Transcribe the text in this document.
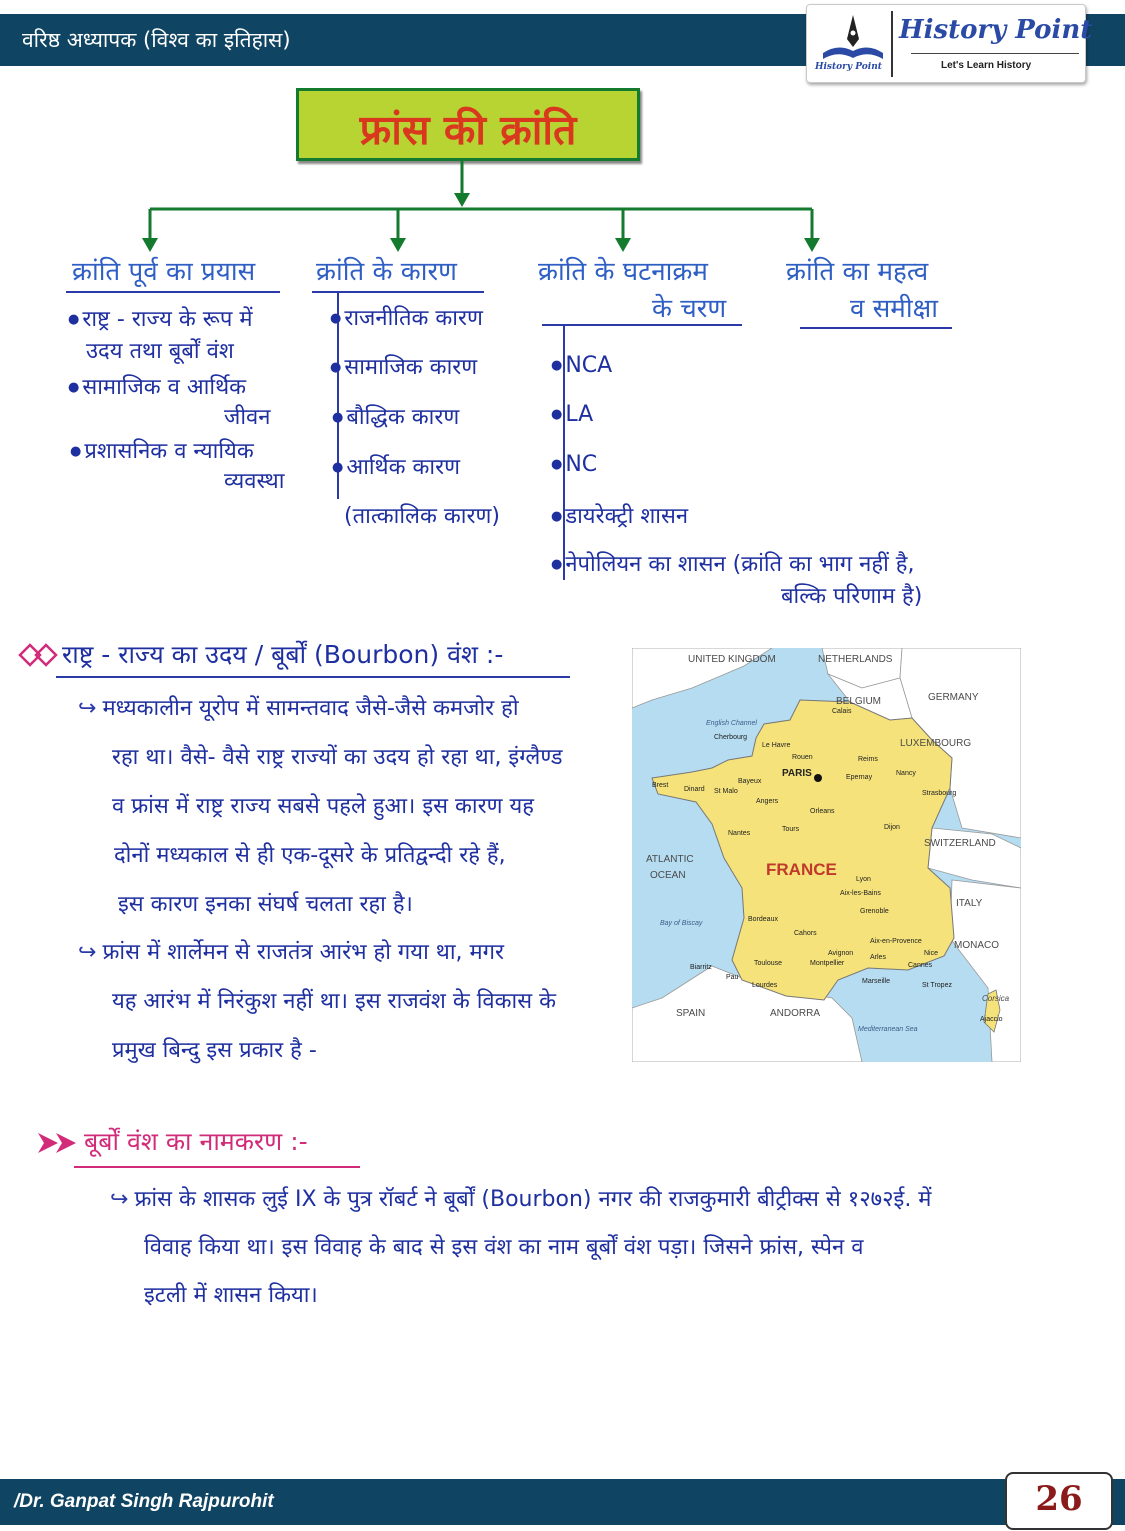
वरिष्ठ अध्यापक (विश्व का इतिहास)	History Point
Let's Learn History
History Point
फ्रांस की क्रांति
क्रांति पूर्व का प्रयास
● राष्ट्र - राज्य के रूप में
उदय तथा बूर्बों वंश
● सामाजिक व आर्थिक
जीवन
● प्रशासनिक व न्यायिक
व्यवस्था
क्रांति के कारण
● राजनीतिक कारण
● सामाजिक कारण
● बौद्धिक कारण
● आर्थिक कारण
(तात्कालिक कारण)
क्रांति के घटनाक्रम
के चरण
● NCA
● LA
● NC
● डायरेक्ट्री शासन
● नेपोलियन का शासन (क्रांति का भाग नहीं है,
बल्कि परिणाम है)
क्रांति का महत्व
व समीक्षा
राष्ट्र - राज्य का उदय / बूर्बों (Bourbon) वंश :-
↪ मध्यकालीन यूरोप में सामन्तवाद जैसे-जैसे कमजोर हो
रहा था। वैसे- वैसे राष्ट्र राज्यों का उदय हो रहा था, इंग्लैण्ड
व फ्रांस में राष्ट्र राज्य सबसे पहले हुआ। इस कारण यह
दोनों मध्यकाल से ही एक-दूसरे के प्रतिद्वन्दी रहे हैं,
इस कारण इनका संघर्ष चलता रहा है।
↪ फ्रांस में शार्लेमन से राजतंत्र आरंभ हो गया था, मगर
यह आरंभ में निरंकुश नहीं था। इस राजवंश के विकास के
प्रमुख बिन्दु इस प्रकार है -
UNITED KINGDOM	NETHERLANDS
BELGIUM	GERMANY
LUXEMBOURG
SWITZERLAND
ITALY
MONACO
SPAIN	ANDORRA
FRANCE
English Channel
ATLANTIC
OCEAN
Bay of Biscay
Mediterranean Sea
Corsica
Calais
Cherbourg
Le Havre
Rouen	Reims
PARIS	Epernay
Nancy
Strasbourg
Brest
Dinard
Bayeux
St Malo
Angers
Orleans
Nantes
Tours	Dijon
Lyon
Aix-les-Bains
Grenoble
Bordeaux
Cahors
Aix-en-Provence
Avignon
Arles
Montpellier
Nice
Cannes
Marseille
St Tropez
Biarritz
Toulouse
Pau
Lourdes
Ajaccio
बूर्बों वंश का नामकरण :-
↪ फ्रांस के शासक लुई IX के पुत्र रॉबर्ट ने बूर्बों (Bourbon) नगर की राजकुमारी बीट्रीक्स से १२७२ई. में
विवाह किया था। इस विवाह के बाद से इस वंश का नाम बूर्बों वंश पड़ा। जिसने फ्रांस, स्पेन व
इटली में शासन किया।
/Dr. Ganpat Singh Rajpurohit	26
